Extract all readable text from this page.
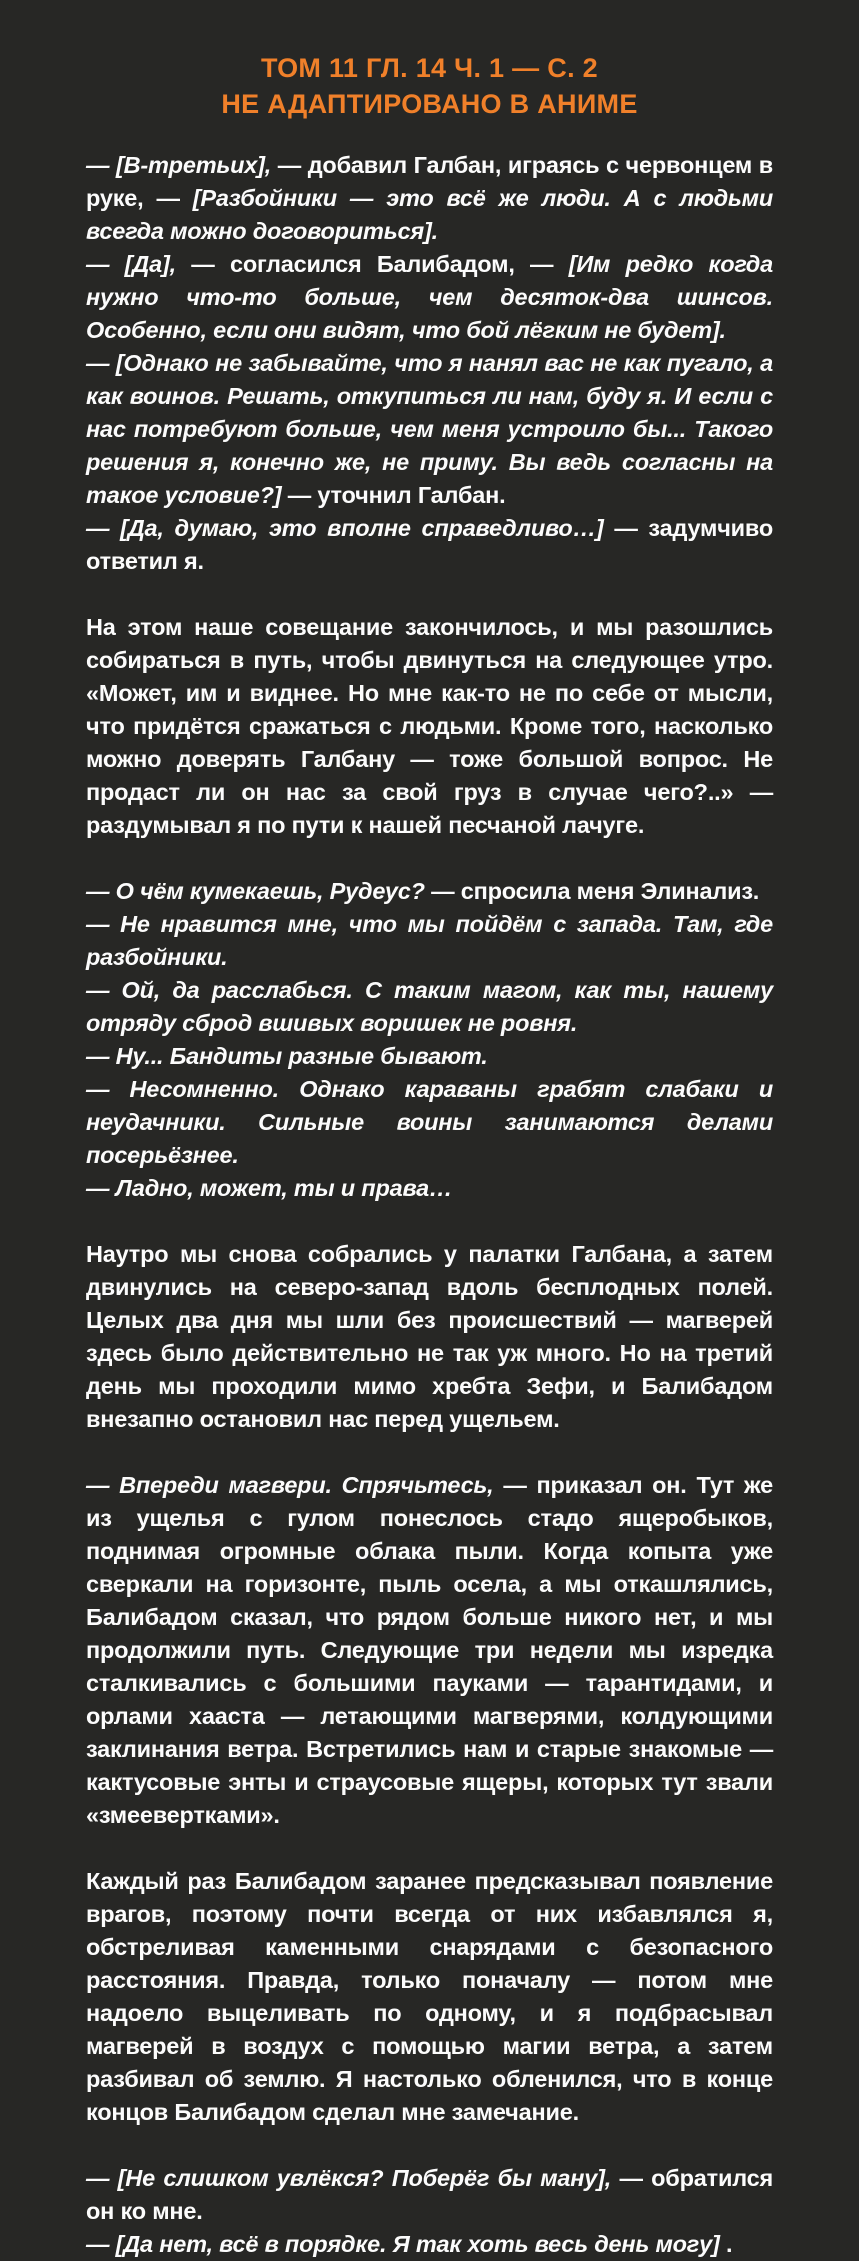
ТОМ 11 ГЛ. 14 Ч. 1 — С. 2
НЕ АДАПТИРОВАНО В АНИМЕ

— [В-третьих], — добавил Галбан, играясь с червонцем в руке, — [Разбойники — это всё же люди. А с людьми всегда можно договориться].

— [Да], — согласился Балибадом, — [Им редко когда нужно что-то больше, чем десяток-два шинсов. Особенно, если они видят, что бой лёгким не будет].

— [Однако не забывайте, что я нанял вас не как пугало, а как воинов. Решать, откупиться ли нам, буду я. И если с нас потребуют больше, чем меня устроило бы... Такого решения я, конечно же, не приму. Вы ведь согласны на такое условие?] — уточнил Галбан.

— [Да, думаю, это вполне справедливо…] — задумчиво ответил я.

На этом наше совещание закончилось, и мы разошлись собираться в путь, чтобы двинуться на следующее утро. «Может, им и виднее. Но мне как-то не по себе от мысли, что придётся сражаться с людьми. Кроме того, насколько можно доверять Галбану — тоже большой вопрос. Не продаст ли он нас за свой груз в случае чего?..» — раздумывал я по пути к нашей песчаной лачуге.

— О чём кумекаешь, Рудеус? — спросила меня Элинализ.

— Не нравится мне, что мы пойдём с запада. Там, где разбойники.

— Ой, да расслабься. С таким магом, как ты, нашему отряду сброд вшивых воришек не ровня.

— Ну... Бандиты разные бывают.

— Несомненно. Однако караваны грабят слабаки и неудачники. Сильные воины занимаются делами посерьёзнее.

— Ладно, может, ты и права…

Наутро мы снова собрались у палатки Галбана, а затем двинулись на северо-запад вдоль бесплодных полей. Целых два дня мы шли без происшествий — магверей здесь было действительно не так уж много. Но на третий день мы проходили мимо хребта Зефи, и Балибадом внезапно остановил нас перед ущельем.

— Впереди магвери. Спрячьтесь, — приказал он. Тут же из ущелья с гулом понеслось стадо ящеробыков, поднимая огромные облака пыли. Когда копыта уже сверкали на горизонте, пыль осела, а мы откашлялись, Балибадом сказал, что рядом больше никого нет, и мы продолжили путь. Следующие три недели мы изредка сталкивались с большими пауками — тарантидами, и орлами хааста — летающими магверями, колдующими заклинания ветра. Встретились нам и старые знакомые — кактусовые энты и страусовые ящеры, которых тут звали «змеевертками».

Каждый раз Балибадом заранее предсказывал появление врагов, поэтому почти всегда от них избавлялся я, обстреливая каменными снарядами с безопасного расстояния. Правда, только поначалу — потом мне надоело выцеливать по одному, и я подбрасывал магверей в воздух с помощью магии ветра, а затем разбивал об землю. Я настолько обленился, что в конце концов Балибадом сделал мне замечание.

— [Не слишком увлёкся? Поберёг бы ману], — обратился он ко мне.

— [Да нет, всё в порядке. Я так хоть весь день могу] .
